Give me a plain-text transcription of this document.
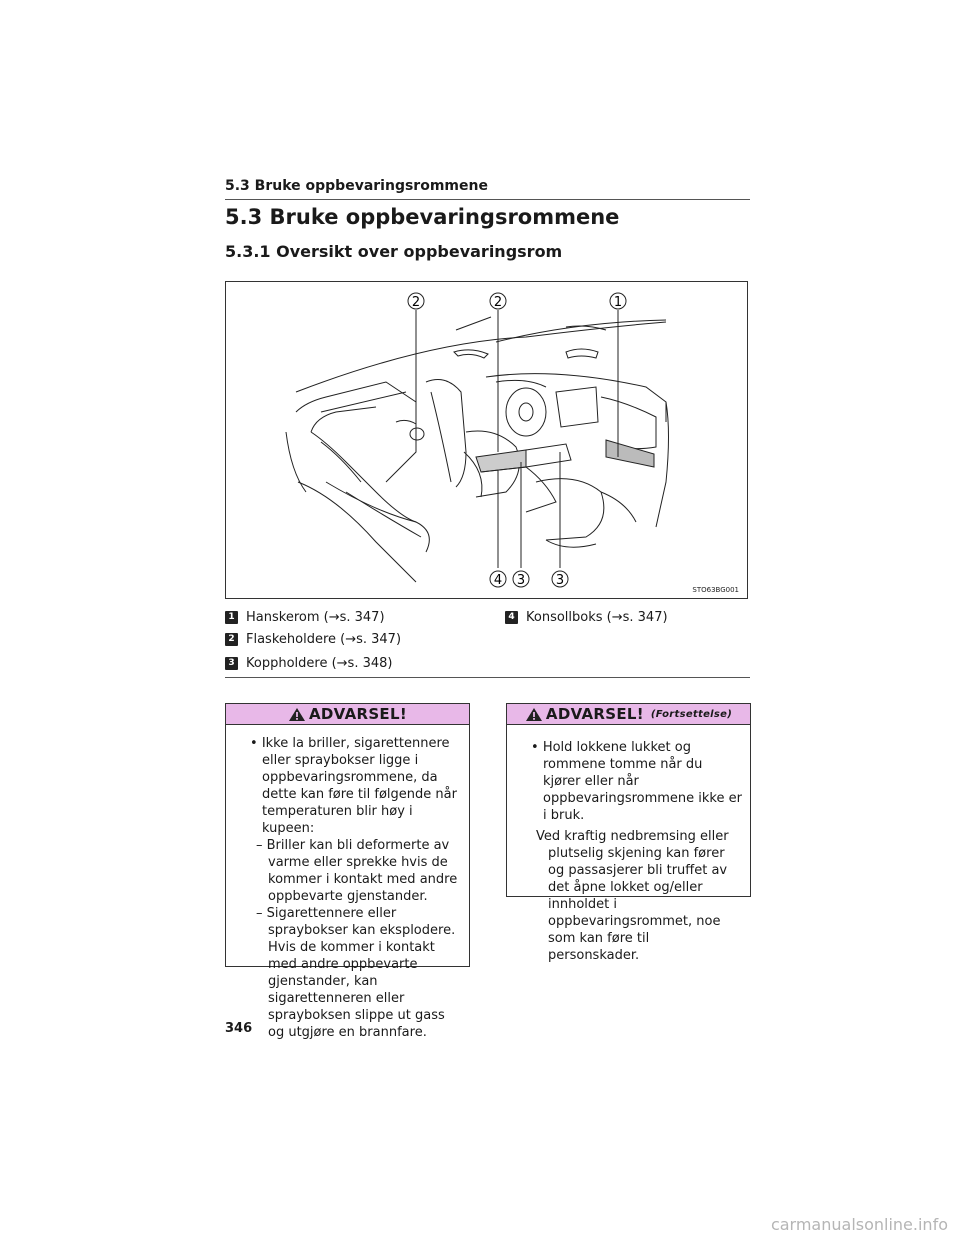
5.3 Bruke oppbevaringsrommene
5.3 Bruke oppbevaringsrommene
5.3.1 Oversikt over oppbevaringsrom
2	2	1
4 3 3
STO63BG001
1 Hanskerom (→s. 347)
2 Flaskeholdere (→s. 347)
3 Koppholdere (→s. 348)
4 Konsollboks (→s. 347)
ADVARSEL!

• Ikke la briller, sigarettennere eller spraybokser ligge i oppbevaringsrommene, da dette kan føre til følgende når temperaturen blir høy i kupeen:

– Briller kan bli deformerte av varme eller sprekke hvis de kommer i kontakt med andre oppbevarte gjenstander.

– Sigarettennere eller spraybokser kan eksplodere. Hvis de kommer i kontakt med andre oppbevarte gjenstander, kan sigarettenneren eller sprayboksen slippe ut gass og utgjøre en brannfare.

ADVARSEL! (Fortsettelse)

• Hold lokkene lukket og rommene tomme når du kjører eller når oppbevaringsrommene ikke er i bruk.

Ved kraftig nedbremsing eller plutselig skjening kan fører og passasjerer bli truffet av det åpne lokket og/eller innholdet i oppbevaringsrommet, noe som kan føre til personskader.

346
carmanualsonline.info
